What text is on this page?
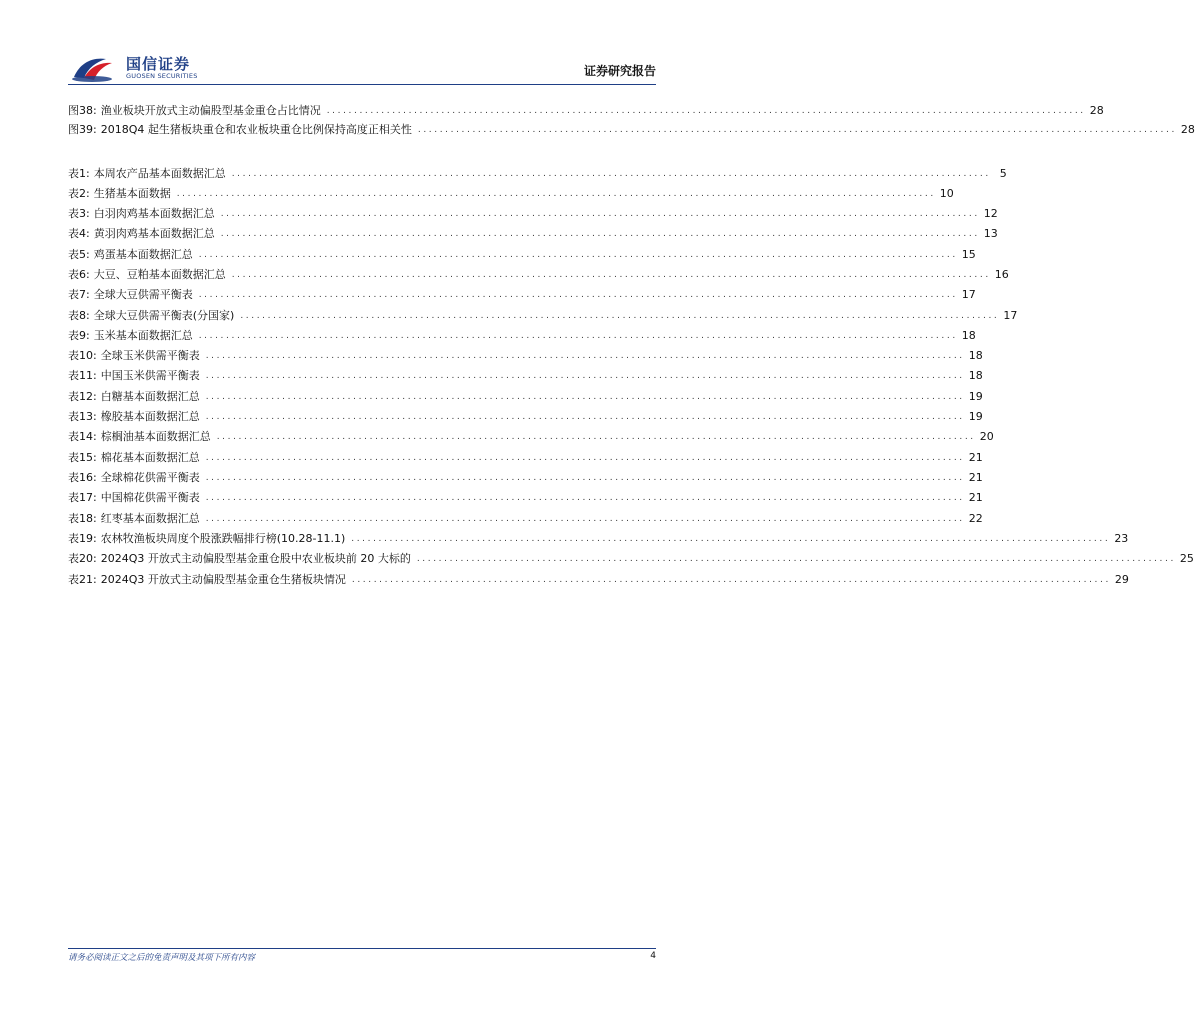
国信证券
GUOSEN SECURITIES	证券研究报告
图38: 渔业板块开放式主动偏股型基金重仓占比情况 ........................................................................................................................................... 28
图39: 2018Q4 起生猪板块重仓和农业板块重仓比例保持高度正相关性 ........................................................................................................................................... 28
表1: 本周农产品基本面数据汇总 ........................................................................................................................................... 5
表2: 生猪基本面数据 ........................................................................................................................................... 10
表3: 白羽肉鸡基本面数据汇总 ........................................................................................................................................... 12
表4: 黄羽肉鸡基本面数据汇总 ........................................................................................................................................... 13
表5: 鸡蛋基本面数据汇总 ........................................................................................................................................... 15
表6: 大豆、豆粕基本面数据汇总 ........................................................................................................................................... 16
表7: 全球大豆供需平衡表 ........................................................................................................................................... 17
表8: 全球大豆供需平衡表(分国家) ........................................................................................................................................... 17
表9: 玉米基本面数据汇总 ........................................................................................................................................... 18
表10: 全球玉米供需平衡表 ........................................................................................................................................... 18
表11: 中国玉米供需平衡表 ........................................................................................................................................... 18
表12: 白糖基本面数据汇总 ........................................................................................................................................... 19
表13: 橡胶基本面数据汇总 ........................................................................................................................................... 19
表14: 棕榈油基本面数据汇总 ........................................................................................................................................... 20
表15: 棉花基本面数据汇总 ........................................................................................................................................... 21
表16: 全球棉花供需平衡表 ........................................................................................................................................... 21
表17: 中国棉花供需平衡表 ........................................................................................................................................... 21
表18: 红枣基本面数据汇总 ........................................................................................................................................... 22
表19: 农林牧渔板块周度个股涨跌幅排行榜(10.28-11.1) ........................................................................................................................................... 23
表20: 2024Q3 开放式主动偏股型基金重仓股中农业板块前 20 大标的 ........................................................................................................................................... 25
表21: 2024Q3 开放式主动偏股型基金重仓生猪板块情况 ........................................................................................................................................... 29
请务必阅读正文之后的免责声明及其项下所有内容	4
